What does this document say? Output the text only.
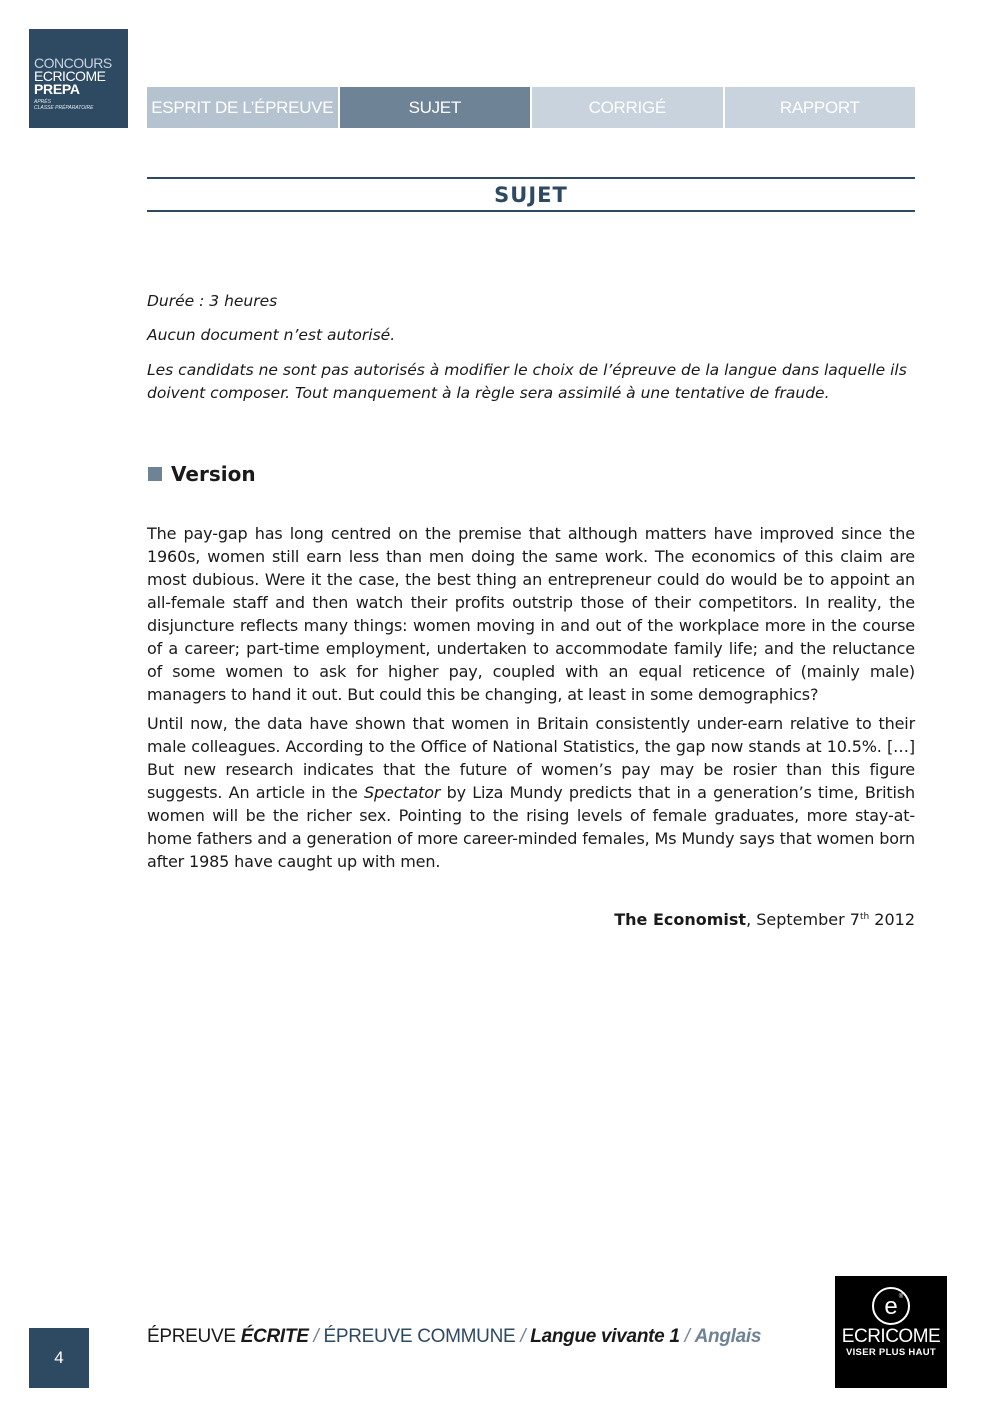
CONCOURS
ECRICOME
PREPA
APRÈS
CLASSE PRÉPARATOIRE	ESPRIT DE L’ÉPREUVE	SUJET	CORRIGÉ	RAPPORT
SUJET
Durée : 3 heures
Aucun document n’est autorisé.
Les candidats ne sont pas autorisés à modifier le choix de l’épreuve de la langue dans laquelle ils doivent composer. Tout manquement à la règle sera assimilé à une tentative de fraude.
Version
The pay-gap has long centred on the premise that although matters have improved since the 1960s, women still earn less than men doing the same work. The economics of this claim are most dubious. Were it the case, the best thing an entrepreneur could do would be to appoint an all-female staff and then watch their profits outstrip those of their competitors. In reality, the disjuncture reflects many things: women moving in and out of the workplace more in the course of a career; part-time employment, undertaken to accommodate family life; and the reluctance of some women to ask for higher pay, coupled with an equal reticence of (mainly male) managers to hand it out. But could this be changing, at least in some demographics?
Until now, the data have shown that women in Britain consistently under-earn relative to their male colleagues. According to the Office of National Statistics, the gap now stands at 10.5%. […] But new research indicates that the future of women’s pay may be rosier than this figure suggests. An article in the Spectator by Liza Mundy predicts that in a generation’s time, British women will be the richer sex. Pointing to the rising levels of female graduates, more stay-at-home fathers and a generation of more career-minded females, Ms Mundy says that women born after 1985 have caught up with men.
The Economist, September 7th 2012
4
ÉPREUVE ÉCRITE / ÉPREUVE COMMUNE / Langue vivante 1 / Anglais
e ®
ECRICOME
VISER PLUS HAUT
